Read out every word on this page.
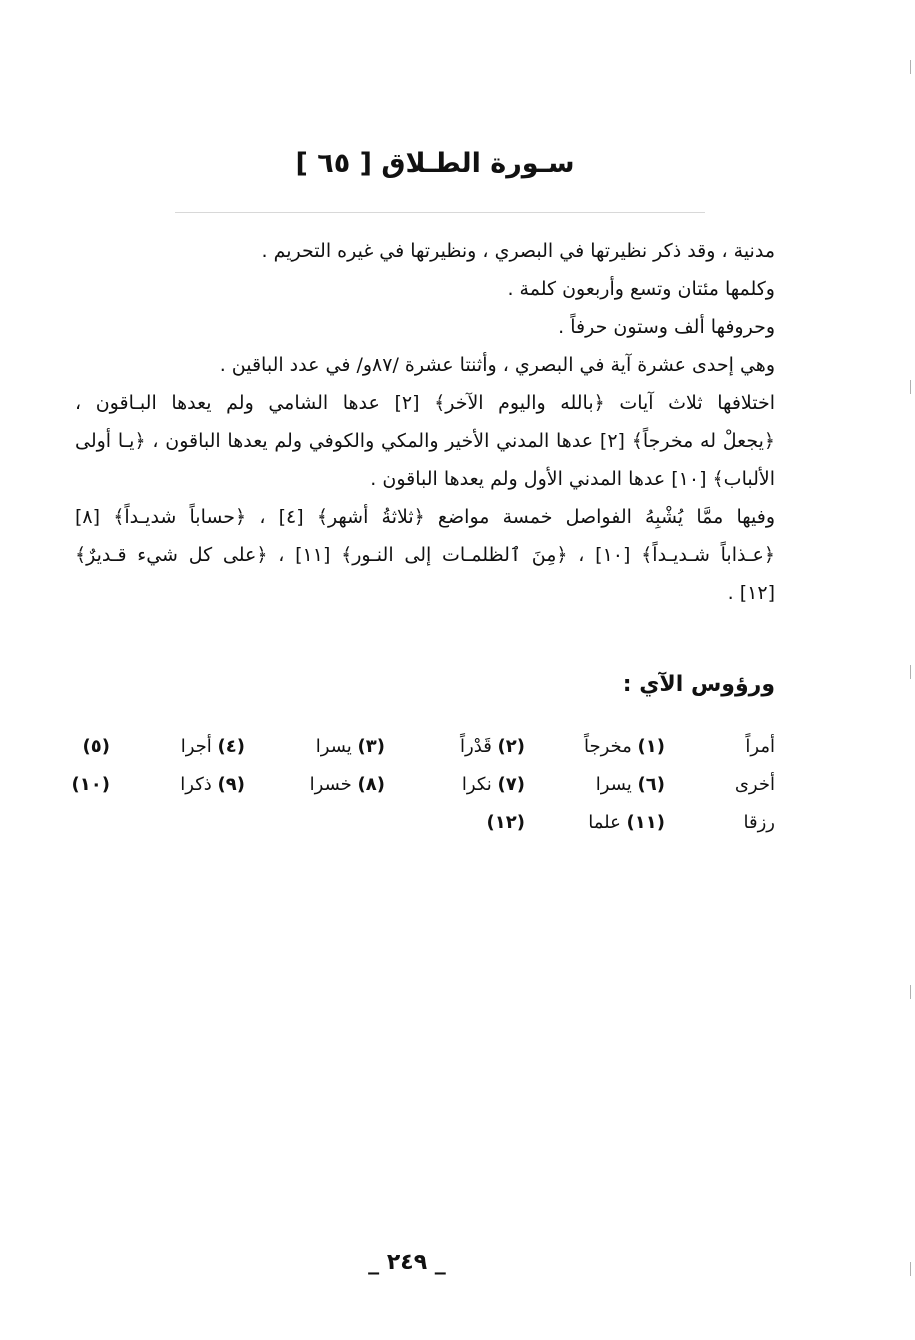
سـورة الطـلاق [ ٦٥ ]
مدنية ، وقد ذكر نظيرتها في البصري ، ونظيرتها في غيره التحريم .
وكلمها مئتان وتسع وأربعون كلمة .
وحروفها ألف وستون حرفاً .
وهي إحدى عشرة آية في البصري ، وأثنتا عشرة /٨٧و/ في عدد الباقين .
اختلافها ثلاث آيات ﴿بالله واليوم الآخر﴾ [٢] عدها الشامي ولم يعدها البـاقون ،
﴿يجعلْ له مخرجاً﴾ [٢] عدها المدني الأخير والمكي والكوفي ولم يعدها الباقون ، ﴿يـا أولى
الألباب﴾ [١٠] عدها المدني الأول ولم يعدها الباقون .
وفيها ممَّا يُشْبِهُ الفواصل خمسة مواضع ﴿ثلاثةُ أشهر﴾ [٤] ، ﴿حساباً شديـداً﴾ [٨]
﴿عـذاباً شـديـداً﴾ [١٠] ، ﴿مِنَ ٱلظلمـات إلى النـور﴾ [١١] ، ﴿على كل شيء قـديرٌ﴾
[١٢] .
ورؤوس الآي :
أمراً
(١) مخرجاً
(٢) قَدْراً
(٣) يسرا
(٤) أجرا
(٥)
أخرى
(٦) يسرا
(٧) نكرا
(٨) خسرا
(٩) ذكرا
(١٠)
رزقا
(١١) علما
(١٢)
_ ٢٤٩ _
